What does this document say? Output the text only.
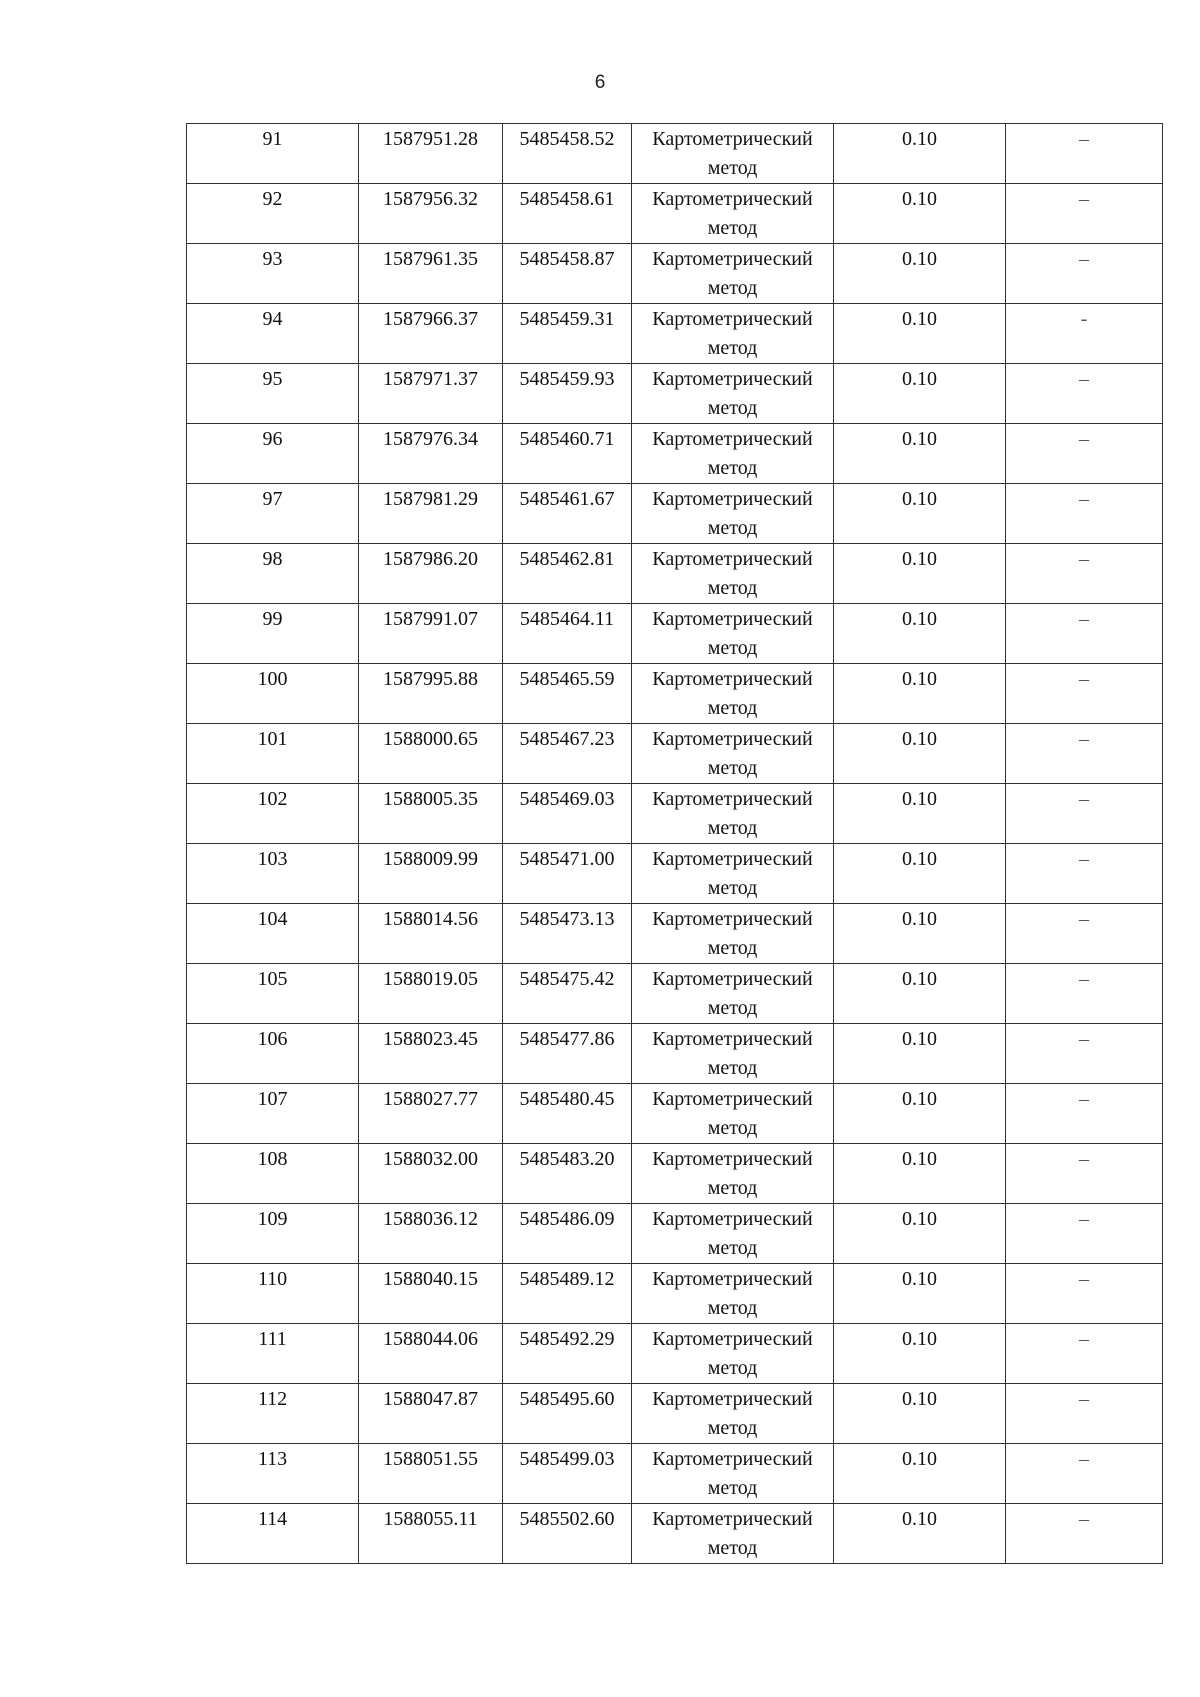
6
91	1587951.28	5485458.52	Картометрический метод	0.10	–

92	1587956.32	5485458.61	Картометрический метод	0.10	–

93	1587961.35	5485458.87	Картометрический метод	0.10	–

94	1587966.37	5485459.31	Картометрический метод	0.10	-

95	1587971.37	5485459.93	Картометрический метод	0.10	–

96	1587976.34	5485460.71	Картометрический метод	0.10	–

97	1587981.29	5485461.67	Картометрический метод	0.10	–

98	1587986.20	5485462.81	Картометрический метод	0.10	–

99	1587991.07	5485464.11	Картометрический метод	0.10	–

100	1587995.88	5485465.59	Картометрический метод	0.10	–

101	1588000.65	5485467.23	Картометрический метод	0.10	–

102	1588005.35	5485469.03	Картометрический метод	0.10	–

103	1588009.99	5485471.00	Картометрический метод	0.10	–

104	1588014.56	5485473.13	Картометрический метод	0.10	–

105	1588019.05	5485475.42	Картометрический метод	0.10	–

106	1588023.45	5485477.86	Картометрический метод	0.10	–

107	1588027.77	5485480.45	Картометрический метод	0.10	–

108	1588032.00	5485483.20	Картометрический метод	0.10	–

109	1588036.12	5485486.09	Картометрический метод	0.10	–

110	1588040.15	5485489.12	Картометрический метод	0.10	–

111	1588044.06	5485492.29	Картометрический метод	0.10	–

112	1588047.87	5485495.60	Картометрический метод	0.10	–

113	1588051.55	5485499.03	Картометрический метод	0.10	–

114	1588055.11	5485502.60	Картометрический метод	0.10	–
